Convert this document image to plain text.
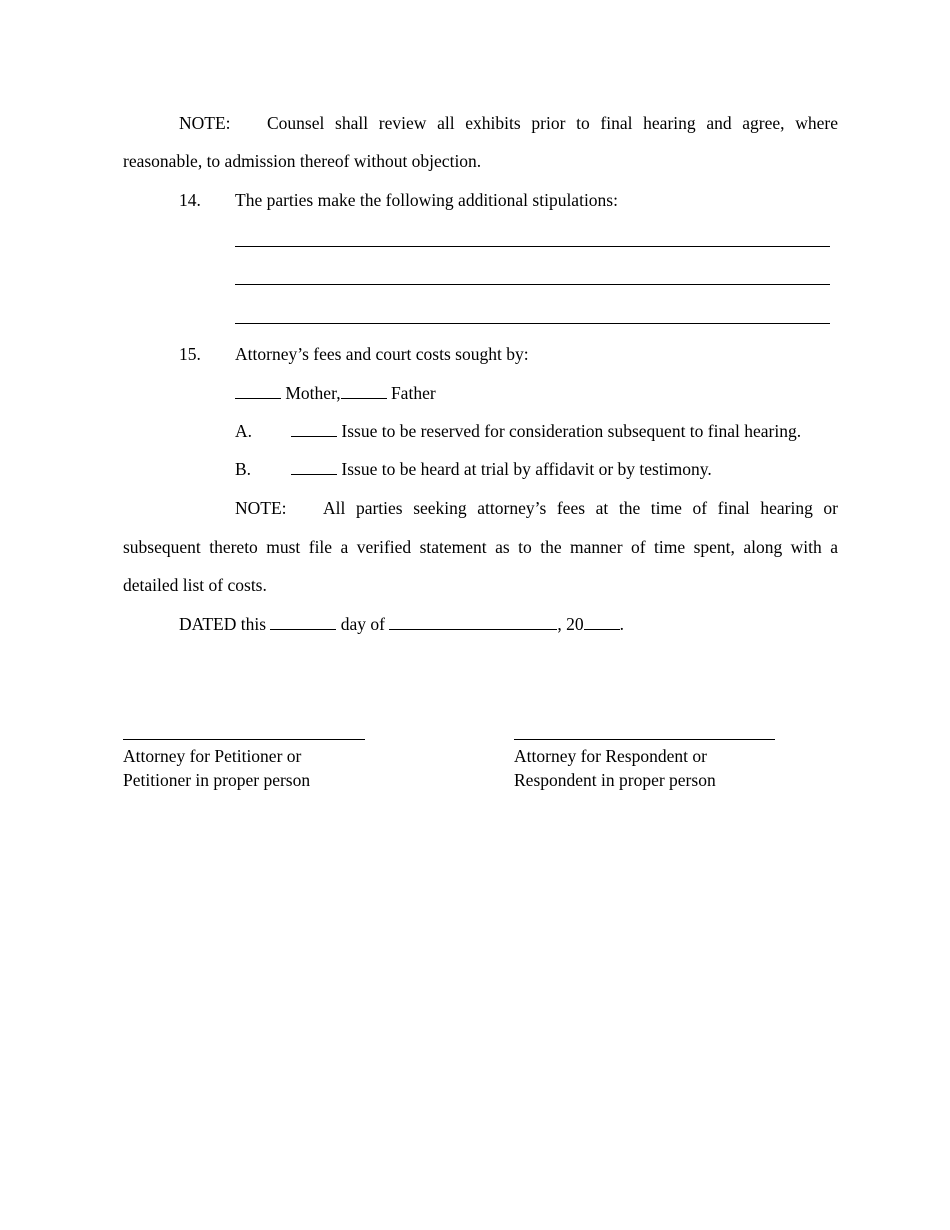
NOTE: Counsel shall review all exhibits prior to final hearing and agree, where
reasonable, to admission thereof without objection.
14. The parties make the following additional stipulations:
15. Attorney’s fees and court costs sought by:
Mother,	Father
A.	Issue to be reserved for consideration subsequent to final hearing.
B.	Issue to be heard at trial by affidavit or by testimony.
NOTE: All parties seeking attorney’s fees at the time of final hearing or
subsequent thereto must file a verified statement as to the manner of time spent, along with a
detailed list of costs.
DATED this	day of	, 20 .
Attorney for Petitioner or
Petitioner in proper person
Attorney for Respondent or
Respondent in proper person
